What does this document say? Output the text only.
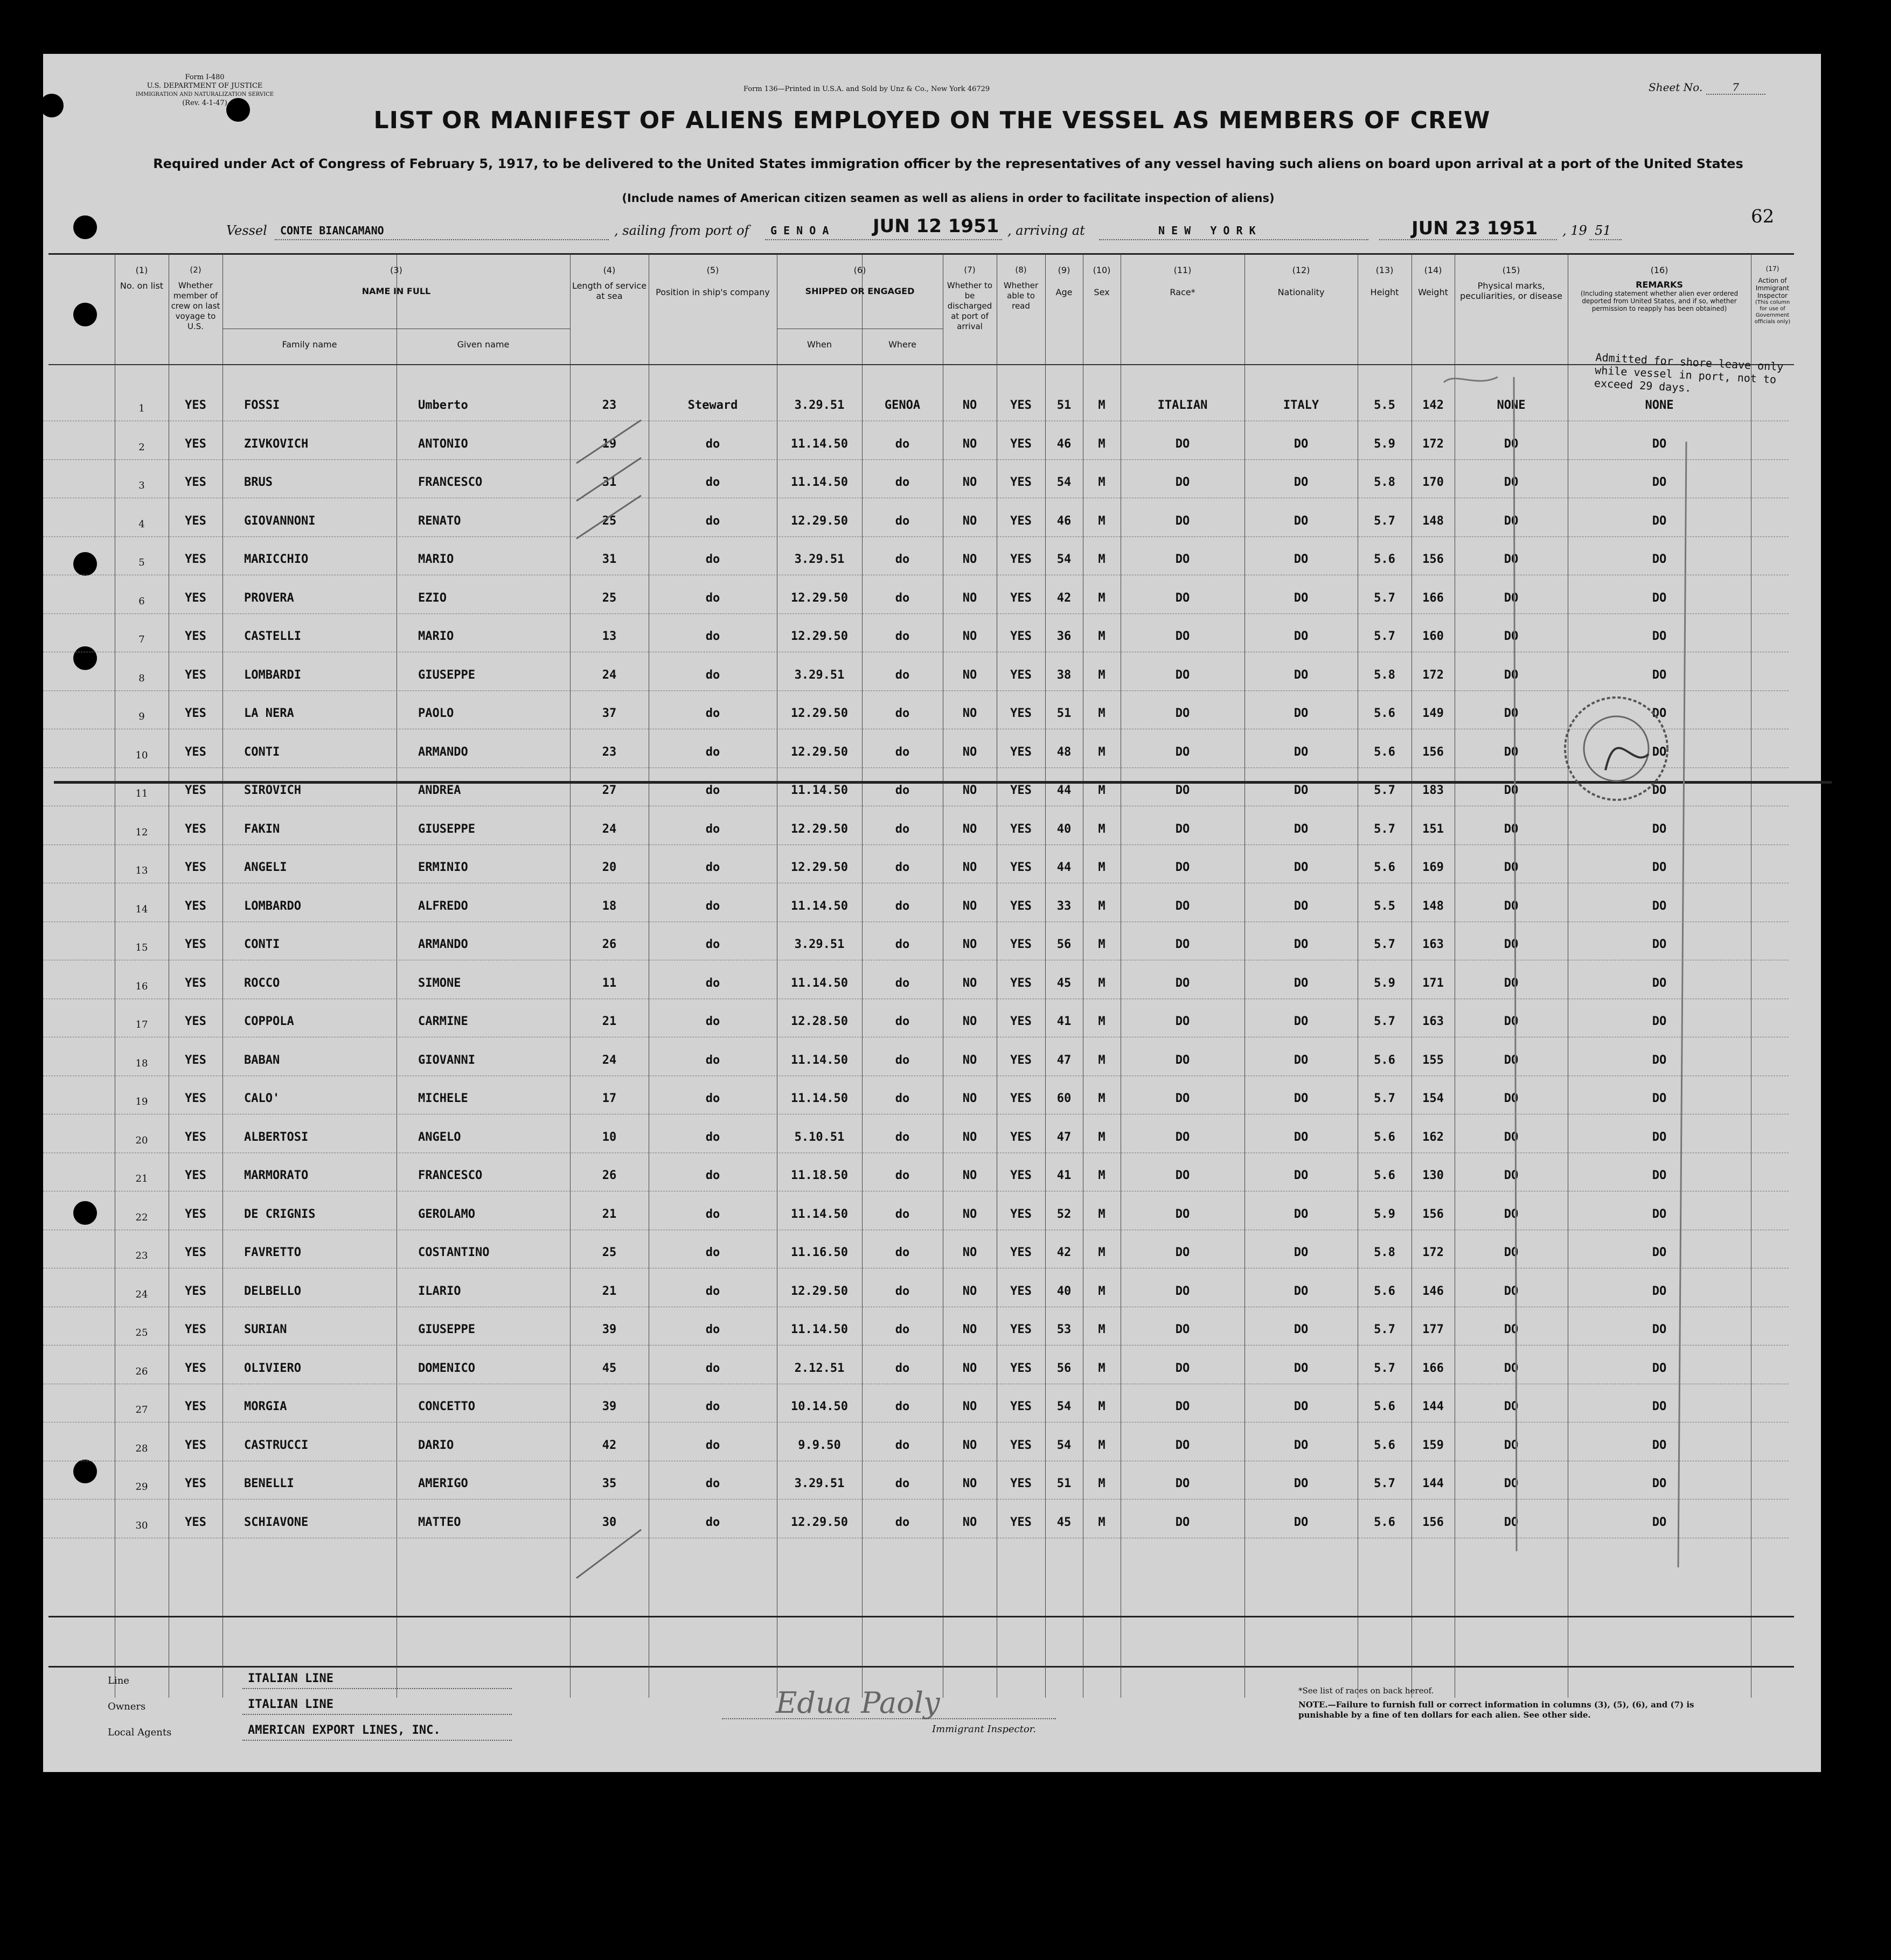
Form I-480
U.S. DEPARTMENT OF JUSTICE
IMMIGRATION AND NATURALIZATION SERVICE
(Rev. 4-1-47)
Form 136—Printed in U.S.A. and Sold by Unz & Co., New York 46729	Sheet No.	7
62
LIST OR MANIFEST OF ALIENS EMPLOYED ON THE VESSEL AS MEMBERS OF CREW
Required under Act of Congress of February 5, 1917, to be delivered to the United States immigration officer by the representatives of any vessel having such aliens on board upon arrival at a port of the United States
(Include names of American citizen seamen as well as aliens in order to facilitate inspection of aliens)
Vessel CONTE BIANCAMANO	, sailing from port of G E N O A JUN 12 1951 , arriving at	N E W   Y O R K	JUN 23 1951 , 19 51
(1)
No. on list
(2)
Whether member of crew on last voyage to U.S.
(3)
NAME IN FULL
Family name	Given name
(4)
Length of service at sea
(5)
Position in ship's company
(6)
SHIPPED OR ENGAGED
When	Where
(7)
Whether to be discharged at port of arrival
(8)
Whether able to read
(9)
Age
(10)
Sex
(11)
Race*
(12)
Nationality
(13)
Height
(14)
Weight
(15)
Physical marks, peculiarities, or disease
(16)
REMARKS
(Including statement whether alien ever ordered deported from United States, and if so, whether permission to reapply has been obtained)
(17)
Action of Immigrant Inspector
(This column for use of Government officials only)
1	YES	FOSSI	Umberto	23	Steward	3.29.51	GENOA	NO	YES	51	M	ITALIAN	ITALY	5.5	142	NONE	NONE
2	YES	ZIVKOVICH	ANTONIO	19	do	11.14.50	do	NO	YES	46	M	DO	DO	5.9	172	DO	DO
3	YES	BRUS	FRANCESCO	31	do	11.14.50	do	NO	YES	54	M	DO	DO	5.8	170	DO	DO
4	YES	GIOVANNONI	RENATO	25	do	12.29.50	do	NO	YES	46	M	DO	DO	5.7	148	DO	DO
5	YES	MARICCHIO	MARIO	31	do	3.29.51	do	NO	YES	54	M	DO	DO	5.6	156	DO	DO
6	YES	PROVERA	EZIO	25	do	12.29.50	do	NO	YES	42	M	DO	DO	5.7	166	DO	DO
7	YES	CASTELLI	MARIO	13	do	12.29.50	do	NO	YES	36	M	DO	DO	5.7	160	DO	DO
8	YES	LOMBARDI	GIUSEPPE	24	do	3.29.51	do	NO	YES	38	M	DO	DO	5.8	172	DO	DO
9	YES	LA NERA	PAOLO	37	do	12.29.50	do	NO	YES	51	M	DO	DO	5.6	149	DO	DO
10	YES	CONTI	ARMANDO	23	do	12.29.50	do	NO	YES	48	M	DO	DO	5.6	156	DO	DO
11	YES	SIROVICH	ANDREA	27	do	11.14.50	do	NO	YES	44	M	DO	DO	5.7	183	DO	DO
12	YES	FAKIN	GIUSEPPE	24	do	12.29.50	do	NO	YES	40	M	DO	DO	5.7	151	DO	DO
13	YES	ANGELI	ERMINIO	20	do	12.29.50	do	NO	YES	44	M	DO	DO	5.6	169	DO	DO
14	YES	LOMBARDO	ALFREDO	18	do	11.14.50	do	NO	YES	33	M	DO	DO	5.5	148	DO	DO
15	YES	CONTI	ARMANDO	26	do	3.29.51	do	NO	YES	56	M	DO	DO	5.7	163	DO	DO
16	YES	ROCCO	SIMONE	11	do	11.14.50	do	NO	YES	45	M	DO	DO	5.9	171	DO	DO
17	YES	COPPOLA	CARMINE	21	do	12.28.50	do	NO	YES	41	M	DO	DO	5.7	163	DO	DO
18	YES	BABAN	GIOVANNI	24	do	11.14.50	do	NO	YES	47	M	DO	DO	5.6	155	DO	DO
19	YES	CALO'	MICHELE	17	do	11.14.50	do	NO	YES	60	M	DO	DO	5.7	154	DO	DO
20	YES	ALBERTOSI	ANGELO	10	do	5.10.51	do	NO	YES	47	M	DO	DO	5.6	162	DO	DO
21	YES	MARMORATO	FRANCESCO	26	do	11.18.50	do	NO	YES	41	M	DO	DO	5.6	130	DO	DO
22	YES	DE CRIGNIS	GEROLAMO	21	do	11.14.50	do	NO	YES	52	M	DO	DO	5.9	156	DO	DO
23	YES	FAVRETTO	COSTANTINO	25	do	11.16.50	do	NO	YES	42	M	DO	DO	5.8	172	DO	DO
24	YES	DELBELLO	ILARIO	21	do	12.29.50	do	NO	YES	40	M	DO	DO	5.6	146	DO	DO
25	YES	SURIAN	GIUSEPPE	39	do	11.14.50	do	NO	YES	53	M	DO	DO	5.7	177	DO	DO
26	YES	OLIVIERO	DOMENICO	45	do	2.12.51	do	NO	YES	56	M	DO	DO	5.7	166	DO	DO
27	YES	MORGIA	CONCETTO	39	do	10.14.50	do	NO	YES	54	M	DO	DO	5.6	144	DO	DO
28	YES	CASTRUCCI	DARIO	42	do	9.9.50	do	NO	YES	54	M	DO	DO	5.6	159	DO	DO
29	YES	BENELLI	AMERIGO	35	do	3.29.51	do	NO	YES	51	M	DO	DO	5.7	144	DO	DO
30	YES	SCHIAVONE	MATTEO	30	do	12.29.50	do	NO	YES	45	M	DO	DO	5.6	156	DO	DO
Admitted for shore leave only while vessel in port, not to exceed 29 days.
Line	ITALIAN LINE
Owners	ITALIAN LINE
Local Agents	AMERICAN EXPORT LINES, INC.
Edua Paoly
Immigrant Inspector.
*See list of races on back hereof.
NOTE.—Failure to furnish full or correct information in columns (3), (5), (6), and (7) is punishable by a fine of ten dollars for each alien. See other side.
